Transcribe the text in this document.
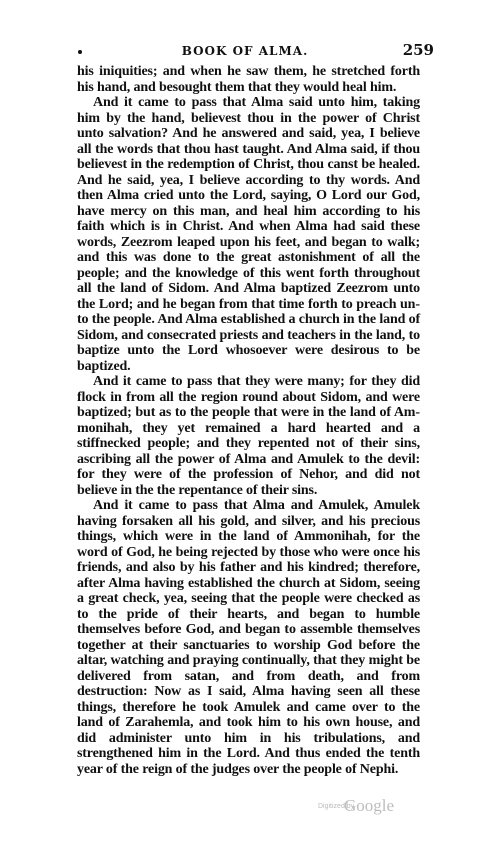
BOOK OF ALMA.	259

his iniquities; and when he saw them, he stretched forth his hand, and besought them that they would heal him.

And it came to pass that Alma said unto him, taking him by the hand, believest thou in the power of Christ unto salvation? And he answered and said, yea, I believe all the words that thou hast taught. And Alma said, if thou believest in the redemption of Christ, thou canst be healed. And he said, yea, I believe according to thy words. And then Alma cried unto the Lord, saying, O Lord our God, have mercy on this man, and heal him according to his faith which is in Christ. And when Alma had said these words, Zeezrom leaped upon his feet, and began to walk; and this was done to the great astonishment of all the people; and the knowledge of this went forth throughout all the land of Sidom. And Alma baptized Zeezrom unto the Lord; and he began from that time forth to preach unto the people. And Alma established a church in the land of Sidom, and consecrated priests and teachers in the land, to baptize unto the Lord whosoever were desirous to be baptized.

And it came to pass that they were many; for they did flock in from all the region round about Sidom, and were baptized; but as to the people that were in the land of Ammonihah, they yet remained a hard hearted and a stiffnecked people; and they repented not of their sins, ascribing all the power of Alma and Amulek to the devil: for they were of the profession of Nehor, and did not believe in the the repentance of their sins.

And it came to pass that Alma and Amulek, Amulek having forsaken all his gold, and silver, and his precious things, which were in the land of Ammonihah, for the word of God, he being rejected by those who were once his friends, and also by his father and his kindred; therefore, after Alma having established the church at Sidom, seeing a great check, yea, seeing that the people were checked as to the pride of their hearts, and began to humble themselves before God, and began to assemble themselves together at their sanctuaries to worship God before the altar, watching and praying continually, that they might be delivered from satan, and from death, and from destruction: Now as I said, Alma having seen all these things, therefore he took Amulek and came over to the land of Zarahemla, and took him to his own house, and did administer unto him in his tribulations, and strengthened him in the Lord. And thus ended the tenth year of the reign of the judges over the people of Nephi.

Digitized by
Google
